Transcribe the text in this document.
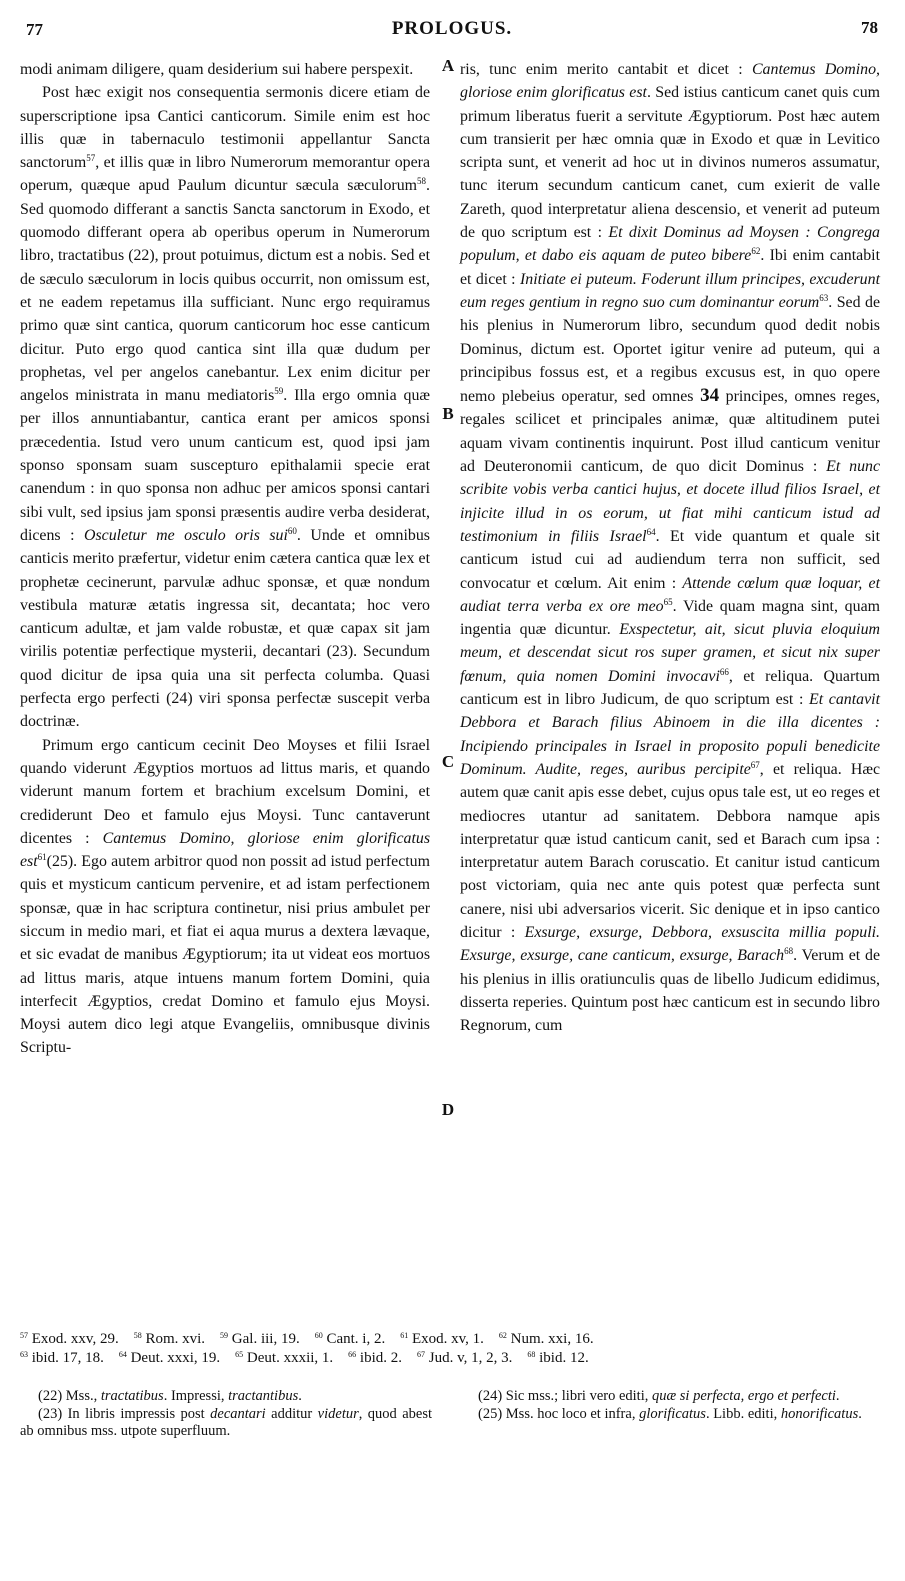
77	PROLOGUS.	78
A
B
C
D

modi animam diligere, quam desiderium sui habere perspexit.

Post hæc exigit nos consequentia sermonis dicere etiam de superscriptione ipsa Cantici canticorum. Simile enim est hoc illis quæ in tabernaculo testimonii appellantur Sancta sanctorum$^{57}$, et illis quæ in libro Numerorum memorantur opera operum, quæque apud Paulum dicuntur sæcula sæculorum$^{58}$. Sed quomodo differant a sanctis Sancta sanctorum in Exodo, et quomodo differant opera ab operibus operum in Numerorum libro, tractatibus (22), prout potuimus, dictum est a nobis. Sed et de sæculo sæculorum in locis quibus occurrit, non omissum est, et ne eadem repetamus illa sufficiant. Nunc ergo requiramus primo quæ sint cantica, quorum canticorum hoc esse canticum dicitur. Puto ergo quod cantica sint illa quæ dudum per prophetas, vel per angelos canebantur. Lex enim dicitur per angelos ministrata in manu mediatoris$^{59}$. Illa ergo omnia quæ per illos annuntiabantur, cantica erant per amicos sponsi præcedentia. Istud vero unum canticum est, quod ipsi jam sponso sponsam suam suscepturo epithalamii specie erat canendum : in quo sponsa non adhuc per amicos sponsi cantari sibi vult, sed ipsius jam sponsi præsentis audire verba desiderat, dicens : Osculetur me osculo oris sui$^{60}$. Unde et omnibus canticis merito præfertur, videtur enim cætera cantica quæ lex et prophetæ cecinerunt, parvulæ adhuc sponsæ, et quæ nondum vestibula maturæ ætatis ingressa sit, decantata; hoc vero canticum adultæ, et jam valde robustæ, et quæ capax sit jam virilis potentiæ perfectique mysterii, decantari (23). Secundum quod dicitur de ipsa quia una sit perfecta columba. Quasi perfecta ergo perfecti (24) viri sponsa perfectæ suscepit verba doctrinæ.

Primum ergo canticum cecinit Deo Moyses et filii Israel quando viderunt Ægyptios mortuos ad littus maris, et quando viderunt manum fortem et brachium excelsum Domini, et crediderunt Deo et famulo ejus Moysi. Tunc cantaverunt dicentes : Cantemus Domino, gloriose enim glorificatus est$^{61}$(25). Ego autem arbitror quod non possit ad istud perfectum quis et mysticum canticum pervenire, et ad istam perfectionem sponsæ, quæ in hac scriptura continetur, nisi prius ambulet per siccum in medio mari, et fiat ei aqua murus a dextera lævaque, et sic evadat de manibus Ægyptiorum; ita ut videat eos mortuos ad littus maris, atque intuens manum fortem Domini, quia interfecit Ægyptios, credat Domino et famulo ejus Moysi. Moysi autem dico legi atque Evangeliis, omnibusque divinis Scriptu-

ris, tunc enim merito cantabit et dicet : Cantemus Domino, gloriose enim glorificatus est. Sed istius canticum canet quis cum primum liberatus fuerit a servitute Ægyptiorum. Post hæc autem cum transierit per hæc omnia quæ in Exodo et quæ in Levitico scripta sunt, et venerit ad hoc ut in divinos numeros assumatur, tunc iterum secundum canticum canet, cum exierit de valle Zareth, quod interpretatur aliena descensio, et venerit ad puteum de quo scriptum est : Et dixit Dominus ad Moysen : Congrega populum, et dabo eis aquam de puteo bibere$^{62}$. Ibi enim cantabit et dicet : Initiate ei puteum. Foderunt illum principes, excuderunt eum reges gentium in regno suo cum dominantur eorum$^{63}$. Sed de his plenius in Numerorum libro, secundum quod dedit nobis Dominus, dictum est. Oportet igitur venire ad puteum, qui a principibus fossus est, et a regibus excusus est, in quo opere nemo plebeius operatur, sed omnes 34 principes, omnes reges, regales scilicet et principales animæ, quæ altitudinem putei aquam vivam continentis inquirunt. Post illud canticum venitur ad Deuteronomii canticum, de quo dicit Dominus : Et nunc scribite vobis verba cantici hujus, et docete illud filios Israel, et injicite illud in os eorum, ut fiat mihi canticum istud ad testimonium in filiis Israel$^{64}$. Et vide quantum et quale sit canticum istud cui ad audiendum terra non sufficit, sed convocatur et cœlum. Ait enim : Attende cœlum quæ loquar, et audiat terra verba ex ore meo$^{65}$. Vide quam magna sint, quam ingentia quæ dicuntur. Exspectetur, ait, sicut pluvia eloquium meum, et descendat sicut ros super gramen, et sicut nix super fœnum, quia nomen Domini invocavi$^{66}$, et reliqua. Quartum canticum est in libro Judicum, de quo scriptum est : Et cantavit Debbora et Barach filius Abinoem in die illa dicentes : Incipiendo principales in Israel in proposito populi benedicite Dominum. Audite, reges, auribus percipite$^{67}$, et reliqua. Hæc autem quæ canit apis esse debet, cujus opus tale est, ut eo reges et mediocres utantur ad sanitatem. Debbora namque apis interpretatur quæ istud canticum canit, sed et Barach cum ipsa : interpretatur autem Barach coruscatio. Et canitur istud canticum post victoriam, quia nec ante quis potest quæ perfecta sunt canere, nisi ubi adversarios vicerit. Sic denique et in ipso cantico dicitur : Exsurge, exsurge, Debbora, exsuscita millia populi. Exsurge, exsurge, cane canticum, exsurge, Barach$^{68}$. Verum et de his plenius in illis oratiunculis quas de libello Judicum edidimus, disserta reperies. Quintum post hæc canticum est in secundo libro Regnorum, cum

$^{57}$ Exod. xxv, 29. $^{58}$ Rom. xvi. $^{59}$ Gal. iii, 19. $^{60}$ Cant. i, 2. $^{61}$ Exod. xv, 1. $^{62}$ Num. xxi, 16.
$^{63}$ ibid. 17, 18. $^{64}$ Deut. xxxi, 19. $^{65}$ Deut. xxxii, 1. $^{66}$ ibid. 2. $^{67}$ Jud. v, 1, 2, 3. $^{68}$ ibid. 12.

(22) Mss., tractatibus. Impressi, tractantibus.

(23) In libris impressis post decantari additur videtur, quod abest ab omnibus mss. utpote superfluum.

(24) Sic mss.; libri vero editi, quæ si perfecta, ergo et perfecti.

(25) Mss. hoc loco et infra, glorificatus. Libb. editi, honorificatus.
